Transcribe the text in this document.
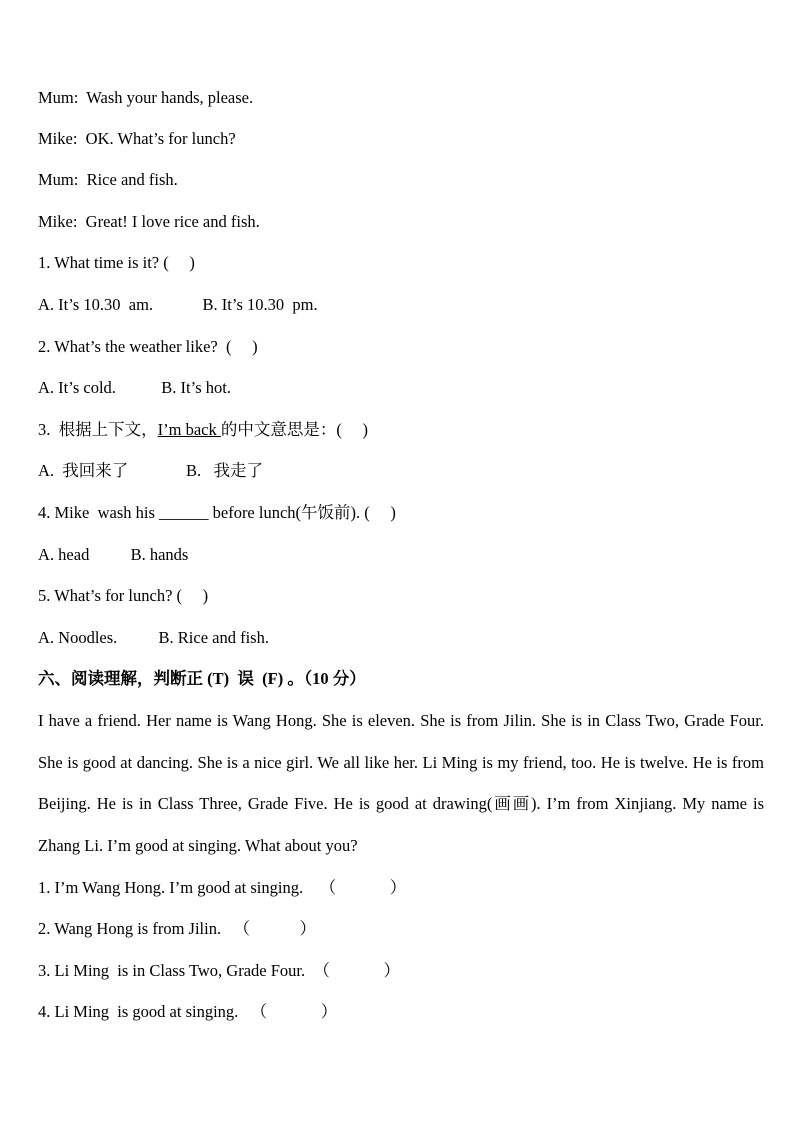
Mum:  Wash your hands, please.
Mike:  OK. What’s for lunch?
Mum:  Rice and fish.
Mike:  Great! I love rice and fish.
1. What time is it? (     )
A. It’s 10.30  am.            B. It’s 10.30  pm.
2. What’s the weather like?  (     )
A. It’s cold.           B. It’s hot.
3.  根据上下文，I’m back 的中文意思是：(     )
A.  我回来了              B.   我走了
4. Mike  wash his ______ before lunch(午饭前). (     )
A. head          B. hands
5. What’s for lunch? (     )
A. Noodles.          B. Rice and fish.
六、阅读理解，判断正 (T)  误  (F) 。（10 分）
I have a friend. Her name is Wang Hong. She is eleven. She is from Jilin. She is in Class Two, Grade Four. She is good at dancing. She is a nice girl. We all like her. Li Ming is my friend, too. He is twelve. He is from Beijing. He is in Class Three, Grade Five. He is good at drawing(画画). I’m from Xinjiang. My name is Zhang Li. I’m good at singing. What about you?
1. I’m Wang Hong. I’m good at singing.    （             ）
2. Wang Hong is from Jilin.   （            ）
3. Li Ming  is in Class Two, Grade Four.  （             ）
4. Li Ming  is good at singing.   （             ）
